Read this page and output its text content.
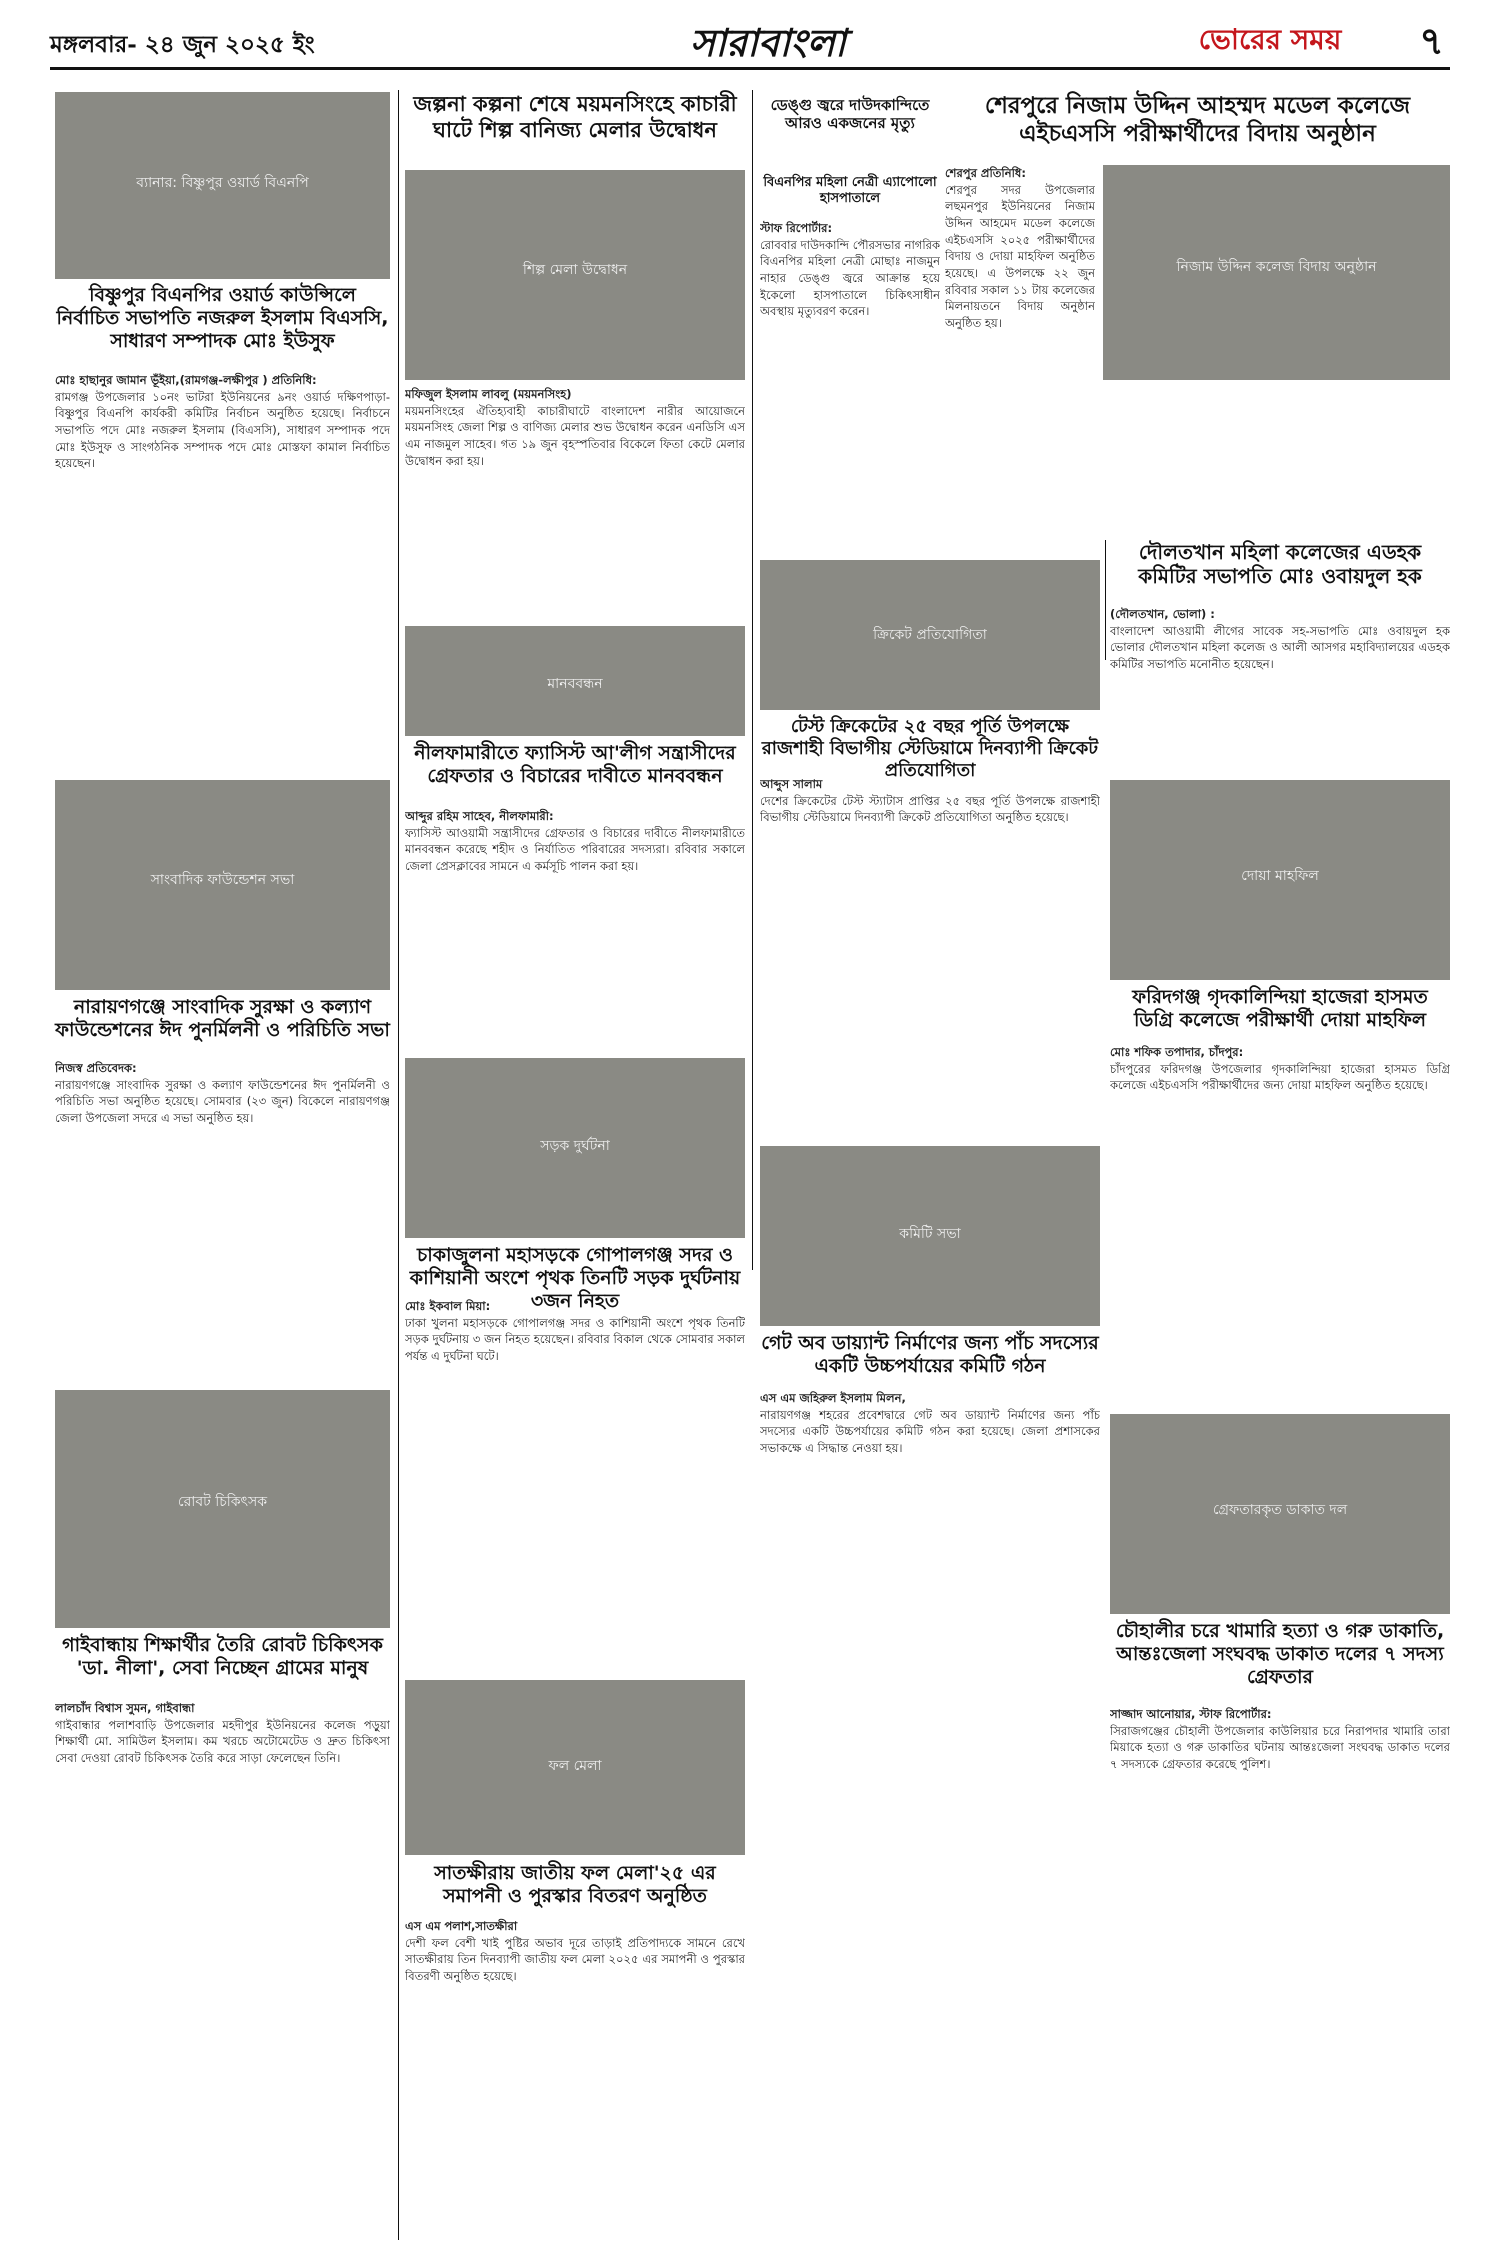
মঙ্গলবার- ২৪ জুন ২০২৫ ইং	সারাবাংলা	ভোরের সময়	৭
ব্যানার: বিষ্ণুপুর ওয়ার্ড বিএনপি
বিষ্ণুপুর বিএনপির ওয়ার্ড কাউন্সিলে নির্বাচিত সভাপতি নজরুল ইসলাম বিএসসি, সাধারণ সম্পাদক মোঃ ইউসুফ
মোঃ হাছানুর জামান ভূঁইয়া,(রামগঞ্জ-লক্ষীপুর ) প্রতিনিধি:
রামগঞ্জ উপজেলার ১০নং ভাটরা ইউনিয়নের ৯নং ওয়ার্ড দক্ষিণপাড়া-বিষ্ণুপুর বিএনপি কার্যকরী কমিটির নির্বাচন অনুষ্ঠিত হয়েছে। নির্বাচনে সভাপতি পদে মোঃ নজরুল ইসলাম (বিএসসি), সাধারণ সম্পাদক পদে মোঃ ইউসুফ ও সাংগঠনিক সম্পাদক পদে মোঃ মোস্তফা কামাল নির্বাচিত হয়েছেন।
সাংবাদিক ফাউন্ডেশন সভা
নারায়ণগঞ্জে সাংবাদিক সুরক্ষা ও কল্যাণ ফাউন্ডেশনের ঈদ পুনর্মিলনী ও পরিচিতি সভা
নিজস্ব প্রতিবেদক:
নারায়ণগঞ্জে সাংবাদিক সুরক্ষা ও কল্যাণ ফাউন্ডেশনের ঈদ পুনর্মিলনী ও পরিচিতি সভা অনুষ্ঠিত হয়েছে। সোমবার (২৩ জুন) বিকেলে নারায়ণগঞ্জ জেলা উপজেলা সদরে এ সভা অনুষ্ঠিত হয়।
রোবট চিকিৎসক
গাইবান্ধায় শিক্ষার্থীর তৈরি রোবট চিকিৎসক 'ডা. নীলা', সেবা নিচ্ছেন গ্রামের মানুষ
লালচাঁদ বিশ্বাস সুমন, গাইবান্ধা
গাইবান্ধার পলাশবাড়ি উপজেলার মহদীপুর ইউনিয়নের কলেজ পড়ুয়া শিক্ষার্থী মো. সামিউল ইসলাম। কম খরচে অটোমেটেড ও দ্রুত চিকিৎসা সেবা দেওয়া রোবট চিকিৎসক তৈরি করে সাড়া ফেলেছেন তিনি।
জল্পনা কল্পনা শেষে ময়মনসিংহে কাচারী ঘাটে শিল্প বানিজ্য মেলার উদ্বোধন
শিল্প মেলা উদ্বোধন
মফিজুল ইসলাম লাবলু (ময়মনসিংহ)
ময়মনসিংহের ঐতিহ্যবাহী কাচারীঘাটে বাংলাদেশ নারীর আয়োজনে ময়মনসিংহ জেলা শিল্প ও বাণিজ্য মেলার শুভ উদ্বোধন করেন এনডিসি এস এম নাজমুল সাহেব। গত ১৯ জুন বৃহস্পতিবার বিকেলে ফিতা কেটে মেলার উদ্বোধন করা হয়।
মানববন্ধন
নীলফামারীতে ফ্যাসিস্ট আ'লীগ সন্ত্রাসীদের গ্রেফতার ও বিচারের দাবীতে মানববন্ধন
আব্দুর রহিম সাহেব, নীলফামারী:
ফ্যাসিস্ট আওয়ামী সন্ত্রাসীদের গ্রেফতার ও বিচারের দাবীতে নীলফামারীতে মানববন্ধন করেছে শহীদ ও নির্যাতিত পরিবারের সদস্যরা। রবিবার সকালে জেলা প্রেসক্লাবের সামনে এ কর্মসূচি পালন করা হয়।
সড়ক দুর্ঘটনা
চাকাজুলনা মহাসড়কে গোপালগঞ্জ সদর ও কাশিয়ানী অংশে পৃথক তিনটি সড়ক দুর্ঘটনায় ৩জন নিহত
মোঃ ইকবাল মিয়া:
ঢাকা খুলনা মহাসড়কে গোপালগঞ্জ সদর ও কাশিয়ানী অংশে পৃথক তিনটি সড়ক দুর্ঘটনায় ৩ জন নিহত হয়েছেন। রবিবার বিকাল থেকে সোমবার সকাল পর্যন্ত এ দুর্ঘটনা ঘটে।
ফল মেলা
সাতক্ষীরায় জাতীয় ফল মেলা'২৫ এর সমাপনী ও পুরস্কার বিতরণ অনুষ্ঠিত
এস এম পলাশ,সাতক্ষীরা
দেশী ফল বেশী খাই পুষ্টির অভাব দূরে তাড়াই প্রতিপাদ্যকে সামনে রেখে সাতক্ষীরায় তিন দিনব্যাপী জাতীয় ফল মেলা ২০২৫ এর সমাপনী ও পুরস্কার বিতরণী অনুষ্ঠিত হয়েছে।
ডেঙ্গু জ্বরে দাউদকান্দিতে আরও একজনের মৃত্যু
বিএনপির মহিলা নেত্রী এ্যাপোলো হাসপাতালে
স্টাফ রিপোর্টার:
রোববার দাউদকান্দি পৌরসভার নাগরিক বিএনপির মহিলা নেত্রী মোছাঃ নাজমুন নাহার ডেঙ্গু জ্বরে আক্রান্ত হয়ে ইকেলো হাসপাতালে চিকিৎসাধীন অবস্থায় মৃত্যুবরণ করেন।
ক্রিকেট প্রতিযোগিতা
টেস্ট ক্রিকেটের ২৫ বছর পূর্তি উপলক্ষে রাজশাহী বিভাগীয় স্টেডিয়ামে দিনব্যাপী ক্রিকেট প্রতিযোগিতা
আব্দুস সালাম
দেশের ক্রিকেটের টেস্ট স্ট্যাটাস প্রাপ্তির ২৫ বছর পূর্তি উপলক্ষে রাজশাহী বিভাগীয় স্টেডিয়ামে দিনব্যাপী ক্রিকেট প্রতিযোগিতা অনুষ্ঠিত হয়েছে।
কমিটি সভা
গেট অব ডায়্যান্ট নির্মাণের জন্য পাঁচ সদস্যের একটি উচ্চপর্যায়ের কমিটি গঠন
এস এম জহিরুল ইসলাম মিলন,
নারায়ণগঞ্জ শহরের প্রবেশদ্বারে গেট অব ডায়্যান্ট নির্মাণের জন্য পাঁচ সদস্যের একটি উচ্চপর্যায়ের কমিটি গঠন করা হয়েছে। জেলা প্রশাসকের সভাকক্ষে এ সিদ্ধান্ত নেওয়া হয়।
শেরপুরে নিজাম উদ্দিন আহম্মদ মডেল কলেজে এইচএসসি পরীক্ষার্থীদের বিদায় অনুষ্ঠান
শেরপুর প্রতিনিধি:
শেরপুর সদর উপজেলার লছমনপুর ইউনিয়নের নিজাম উদ্দিন আহমেদ মডেল কলেজে এইচএসসি ২০২৫ পরীক্ষার্থীদের বিদায় ও দোয়া মাহফিল অনুষ্ঠিত হয়েছে। এ উপলক্ষে ২২ জুন রবিবার সকাল ১১ টায় কলেজের মিলনায়তনে বিদায় অনুষ্ঠান অনুষ্ঠিত হয়।
নিজাম উদ্দিন কলেজ বিদায় অনুষ্ঠান
দৌলতখান মহিলা কলেজের এডহক কমিটির সভাপতি মোঃ ওবায়দুল হক
(দৌলতখান, ভোলা) :
বাংলাদেশ আওয়ামী লীগের সাবেক সহ-সভাপতি মোঃ ওবায়দুল হক ভোলার দৌলতখান মহিলা কলেজ ও আলী আসগর মহাবিদ্যালয়ের এডহক কমিটির সভাপতি মনোনীত হয়েছেন।
দোয়া মাহফিল
ফরিদগঞ্জ গৃদকালিন্দিয়া হাজেরা হাসমত ডিগ্রি কলেজে পরীক্ষার্থী দোয়া মাহফিল
মোঃ শফিক তপাদার, চাঁদপুর:
চাঁদপুরের ফরিদগঞ্জ উপজেলার গৃদকালিন্দিয়া হাজেরা হাসমত ডিগ্রি কলেজে এইচএসসি পরীক্ষার্থীদের জন্য দোয়া মাহফিল অনুষ্ঠিত হয়েছে।
গ্রেফতারকৃত ডাকাত দল
চৌহালীর চরে খামারি হত্যা ও গরু ডাকাতি, আন্তঃজেলা সংঘবদ্ধ ডাকাত দলের ৭ সদস্য গ্রেফতার
সাজ্জাদ আনোয়ার, স্টাফ রিপোর্টার:
সিরাজগঞ্জের চৌহালী উপজেলার কাউলিয়ার চরে নিরাপদার খামারি তারা মিয়াকে হত্যা ও গরু ডাকাতির ঘটনায় আন্তঃজেলা সংঘবদ্ধ ডাকাত দলের ৭ সদস্যকে গ্রেফতার করেছে পুলিশ।
